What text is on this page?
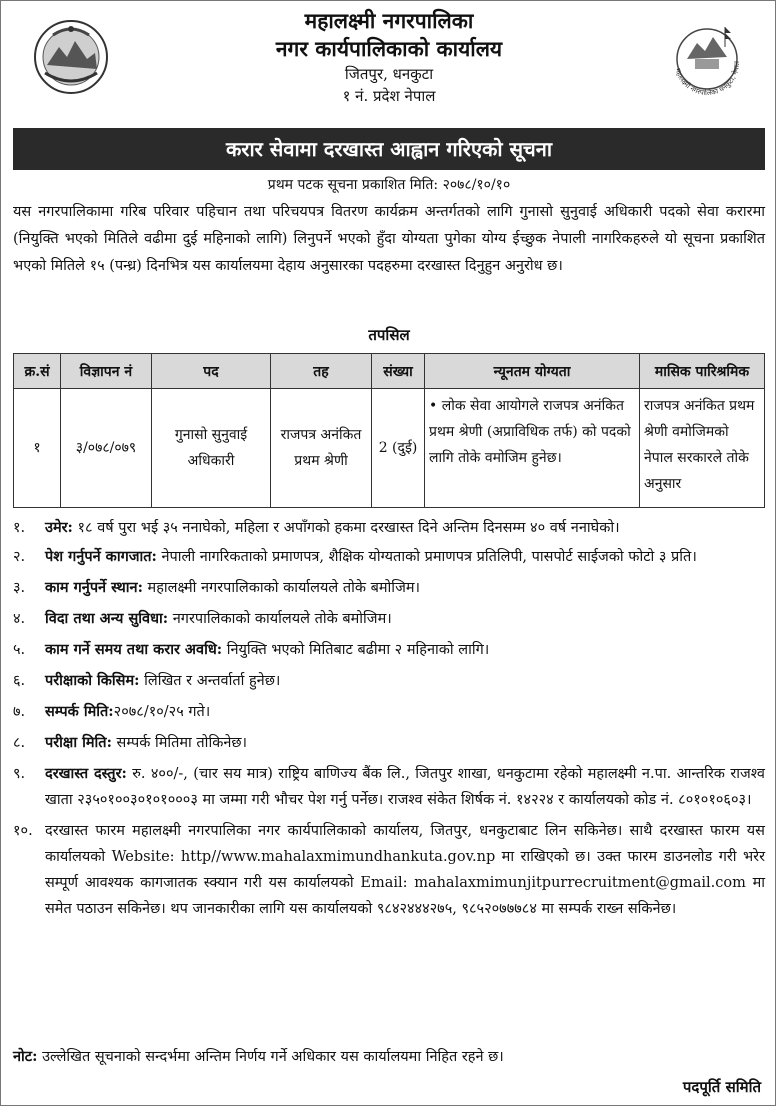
महालक्ष्मी नगरपालिका
नगर कार्यपालिकाको कार्यालय
जितपुर, धनकुटा
१ नं. प्रदेश नेपाल
महालक्ष्मी नगरपालिका धनकुटा, नेपाल
करार सेवामा दरखास्त आह्वान गरिएको सूचना
प्रथम पटक सूचना प्रकाशित मिति: २०७८/१०/१०
यस नगरपालिकामा गरिब परिवार पहिचान तथा परिचयपत्र वितरण कार्यक्रम अन्तर्गतको लागि गुनासो सुनुवाई अधिकारी पदको सेवा करारमा (नियुक्ति भएको मितिले वढीमा दुई महिनाको लागि) लिनुपर्ने भएको हुँदा योग्यता पुगेका योग्य ईच्छुक नेपाली नागरिकहरुले यो सूचना प्रकाशित भएको मितिले १५ (पन्ध्र) दिनभित्र यस कार्यालयमा देहाय अनुसारका पदहरुमा दरखास्त दिनुहुन अनुरोध छ।
तपसिल
क्र.सं	विज्ञापन नं	पद	तह	संख्या	न्यूनतम योग्यता	मासिक पारिश्रमिक
१	३/०७८/०७९	गुनासो सुनुवाई अधिकारी	राजपत्र अनंकित प्रथम श्रेणी	2 (दुई)	• लोक सेवा आयोगले राजपत्र अनंकित प्रथम श्रेणी (अप्राविधिक तर्फ) को पदको लागि तोके वमोजिम हुनेछ।	राजपत्र अनंकित प्रथम श्रेणी वमोजिमको नेपाल सरकारले तोके अनुसार
१.	उमेर: १८ वर्ष पुरा भई ३५ ननाघेको, महिला र अपाँगको हकमा दरखास्त दिने अन्तिम दिनसम्म ४० वर्ष ननाघेको।
२.	पेश गर्नुपर्ने कागजात: नेपाली नागरिकताको प्रमाणपत्र, शैक्षिक योग्यताको प्रमाणपत्र प्रतिलिपी, पासपोर्ट साईजको फोटो ३ प्रति।
३.	काम गर्नुपर्ने स्थान: महालक्ष्मी नगरपालिकाको कार्यालयले तोके बमोजिम।
४.	विदा तथा अन्य सुविधा: नगरपालिकाको कार्यालयले तोके बमोजिम।
५.	काम गर्ने समय तथा करार अवधि: नियुक्ति भएको मितिबाट बढीमा २ महिनाको लागि।
६.	परीक्षाको किसिम: लिखित र अन्तर्वार्ता हुनेछ।
७.	सम्पर्क मिति:२०७८/१०/२५ गते।
८.	परीक्षा मिति: सम्पर्क मितिमा तोकिनेछ।
९.	दरखास्त दस्तुर: रु. ४००/-, (चार सय मात्र) राष्ट्रिय बाणिज्य बैंक लि., जितपुर शाखा, धनकुटामा रहेको महालक्ष्मी न.पा. आन्तरिक राजश्व खाता २३५०१००३०१०१०००३ मा जम्मा गरी भौचर पेश गर्नु पर्नेछ। राजश्व संकेत शिर्षक नं. १४२२४ र कार्यालयको कोड नं. ८०१०१०६०३।
१०. दरखास्त फारम महालक्ष्मी नगरपालिका नगर कार्यपालिकाको कार्यालय, जितपुर, धनकुटाबाट लिन सकिनेछ। साथै दरखास्त फारम यस कार्यालयको Website: http//www.mahalaxmimundhankuta.gov.np मा राखिएको छ। उक्त फारम डाउनलोड गरी भरेर सम्पूर्ण आवश्यक कागजातक स्क्यान गरी यस कार्यालयको Email: mahalaxmimunjitpurrecruitment@gmail.com मा समेत पठाउन सकिनेछ। थप जानकारीका लागि यस कार्यालयको ९८४२४४४२७५, ९८५२०७७७८४ मा सम्पर्क राख्न सकिनेछ।
नोट: उल्लेखित सूचनाको सन्दर्भमा अन्तिम निर्णय गर्ने अधिकार यस कार्यालयमा निहित रहने छ।
पदपूर्ति समिति
